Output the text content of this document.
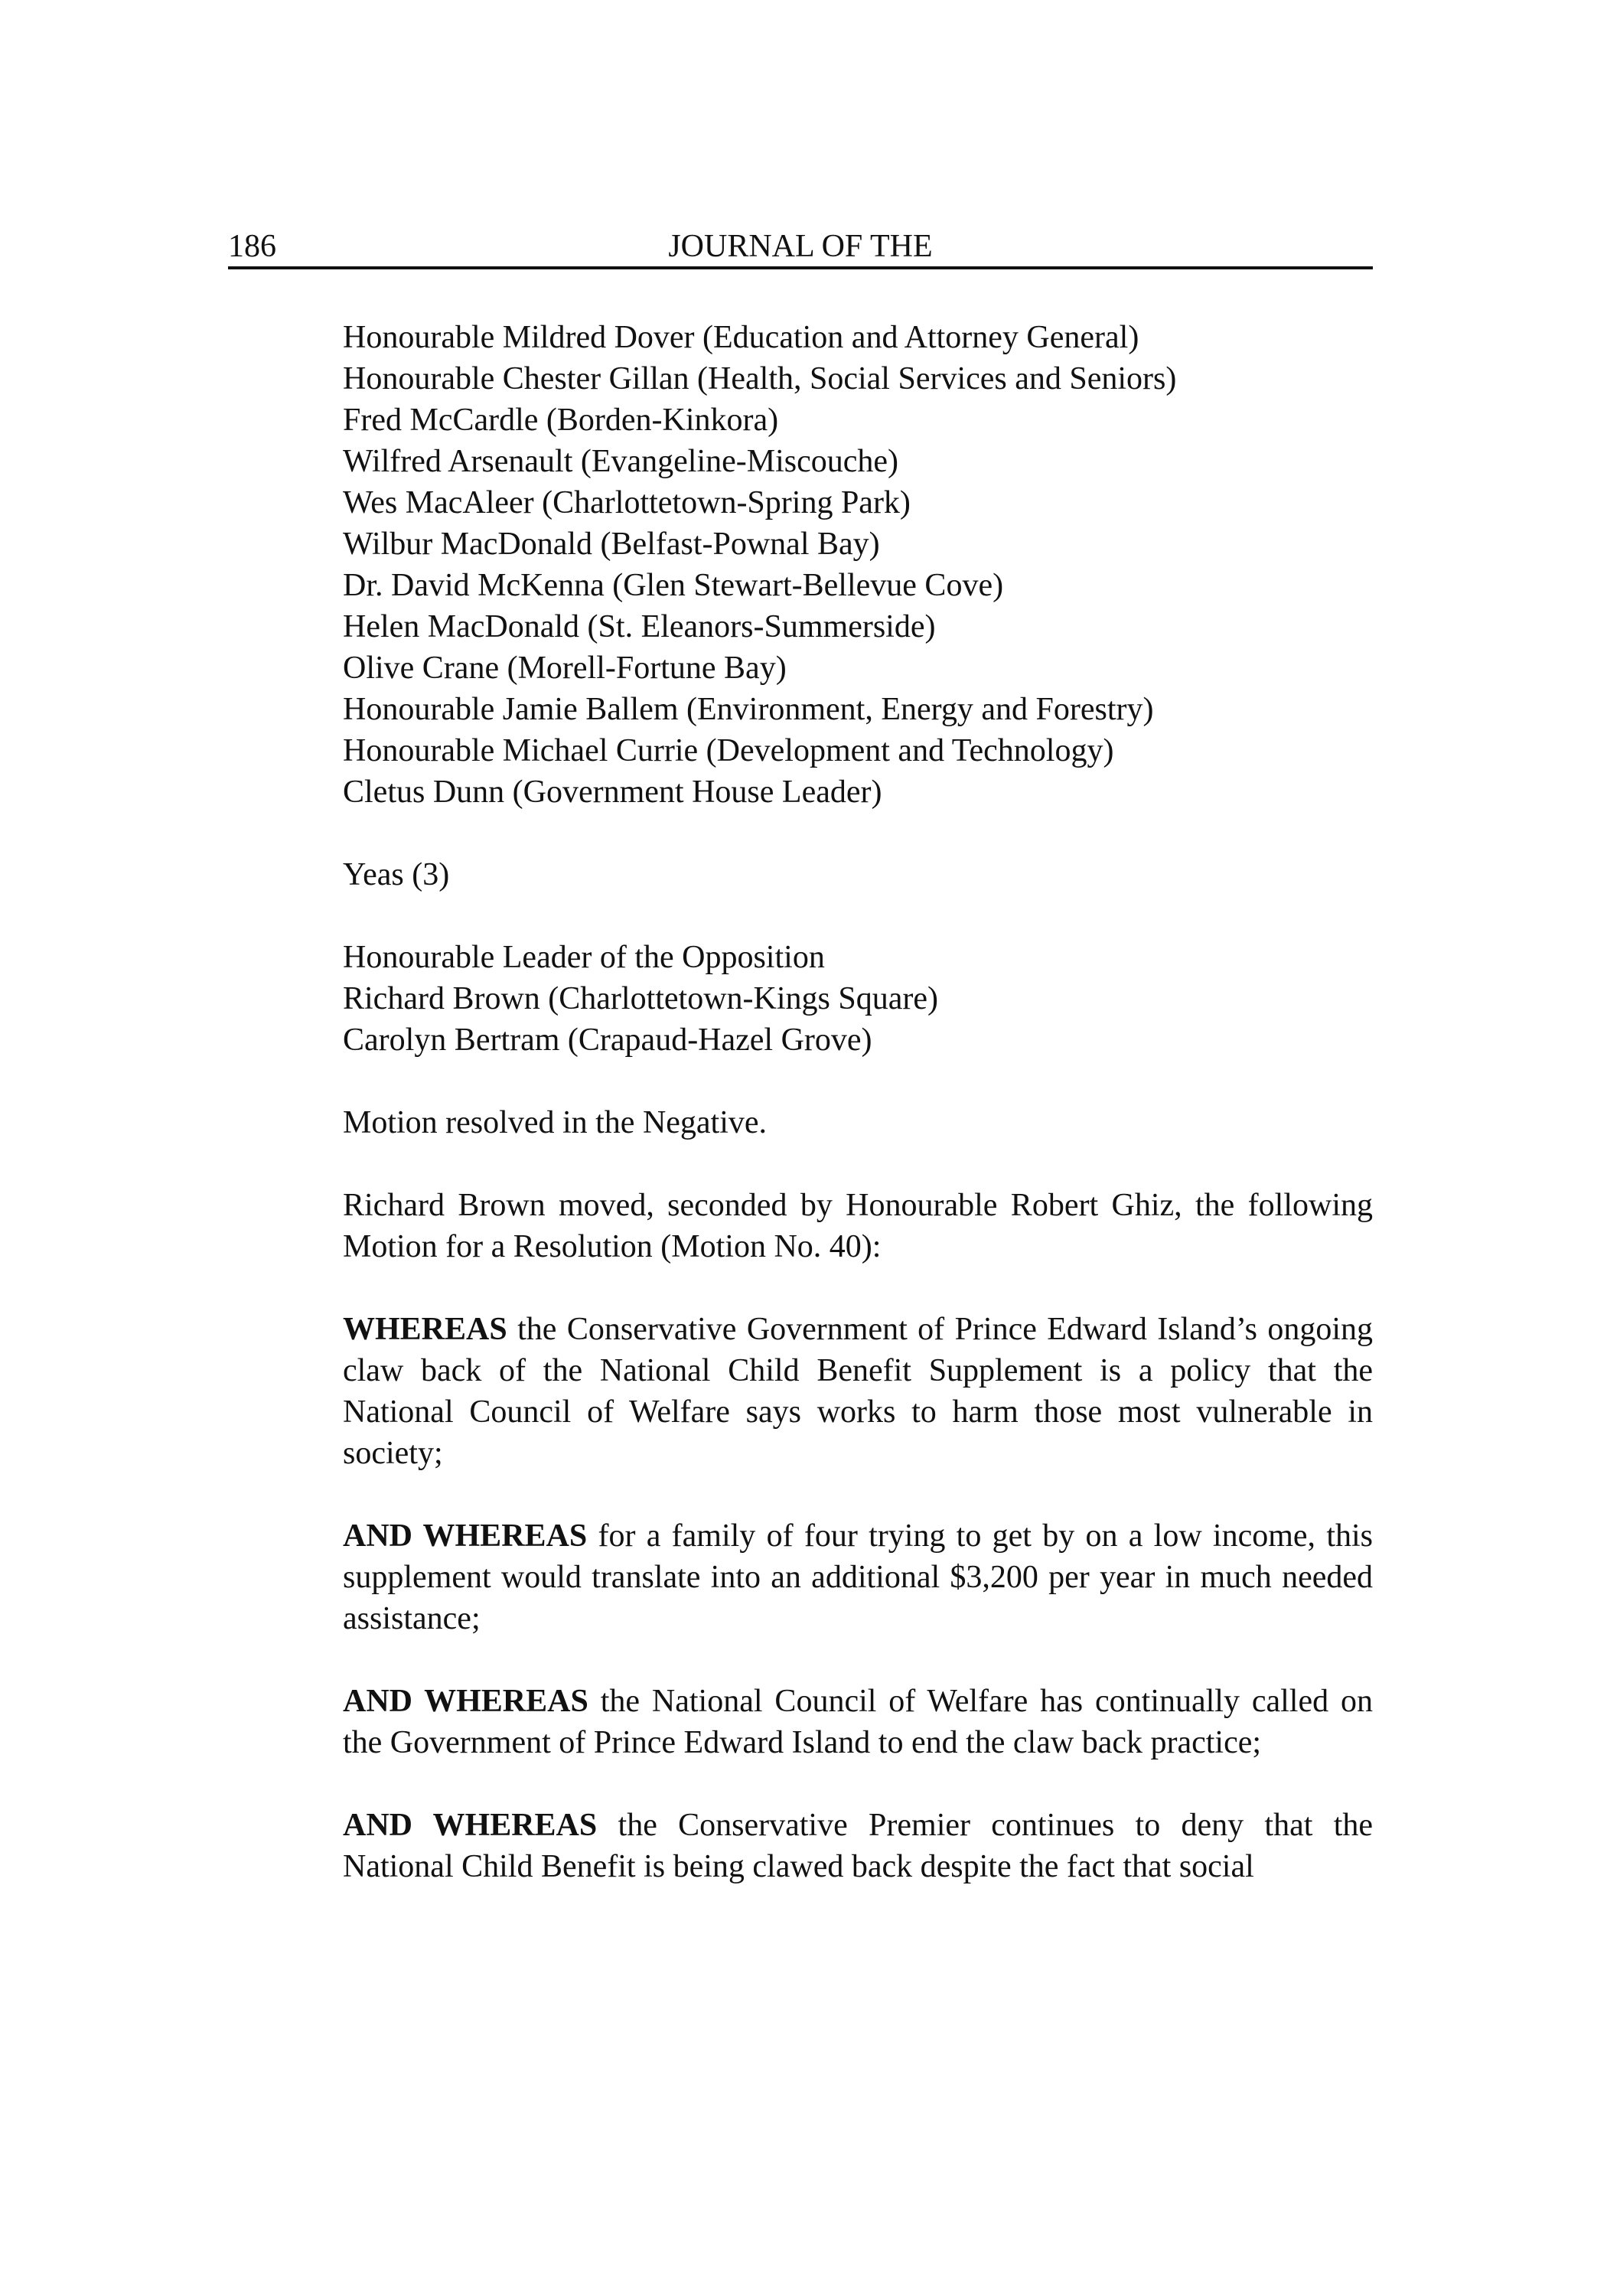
186	JOURNAL OF THE
Honourable Mildred Dover (Education and Attorney General)
Honourable Chester Gillan (Health, Social Services and Seniors)
Fred McCardle (Borden-Kinkora)
Wilfred Arsenault (Evangeline-Miscouche)
Wes MacAleer (Charlottetown-Spring Park)
Wilbur MacDonald (Belfast-Pownal Bay)
Dr. David McKenna (Glen Stewart-Bellevue Cove)
Helen MacDonald (St. Eleanors-Summerside)
Olive Crane (Morell-Fortune Bay)
Honourable Jamie Ballem (Environment, Energy and Forestry)
Honourable Michael Currie (Development and Technology)
Cletus Dunn (Government House Leader)
Yeas (3)
Honourable Leader of the Opposition
Richard Brown (Charlottetown-Kings Square)
Carolyn Bertram (Crapaud-Hazel Grove)
Motion resolved in the Negative.

Richard Brown moved, seconded by Honourable Robert Ghiz, the following Motion for a Resolution (Motion No. 40):

WHEREAS the Conservative Government of Prince Edward Island’s ongoing claw back of the National Child Benefit Supplement is a policy that the National Council of Welfare says works to harm those most vulnerable in society;

AND WHEREAS for a family of four trying to get by on a low income, this supplement would translate into an additional $3,200 per year in much needed assistance;

AND WHEREAS the National Council of Welfare has continually called on the Government of Prince Edward Island to end the claw back practice;

AND WHEREAS the Conservative Premier continues to deny that the National Child Benefit is being clawed back despite the fact that social
